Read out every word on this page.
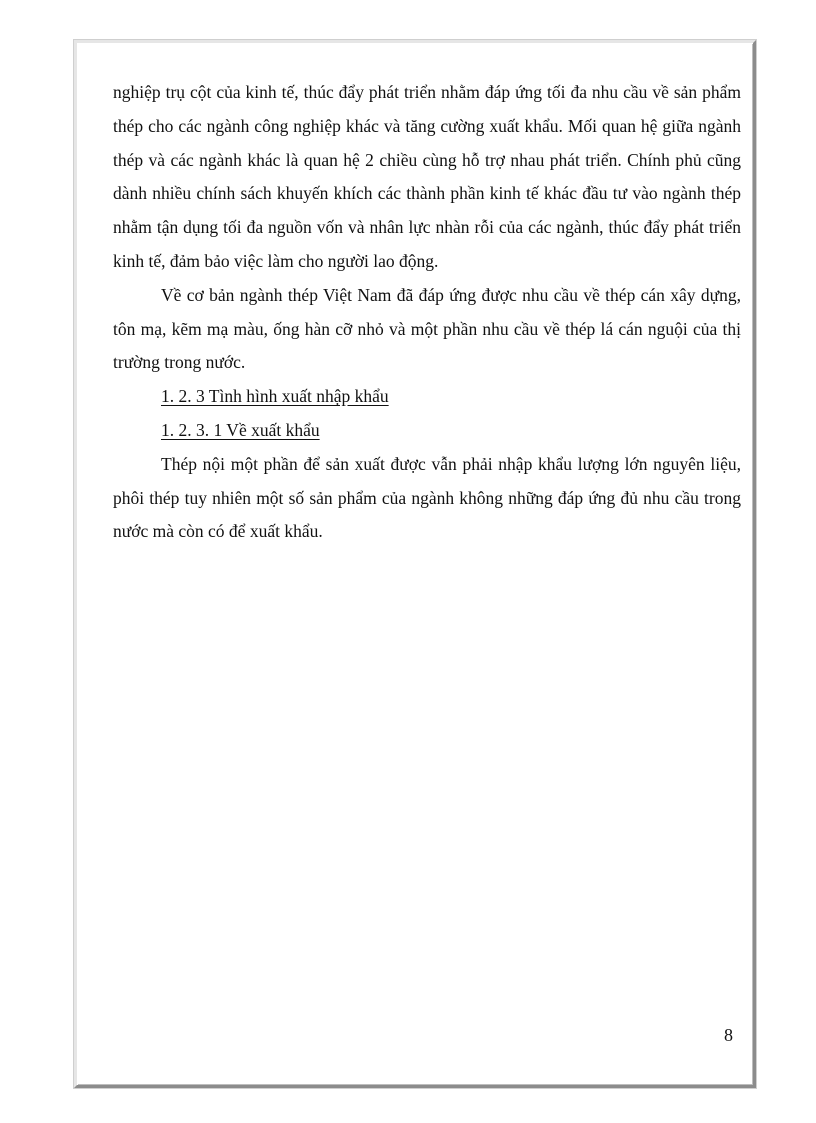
nghiệp trụ cột của kinh tế, thúc đẩy phát triển nhằm đáp ứng tối đa nhu cầu về sản phẩm thép cho các ngành công nghiệp khác và tăng cường xuất khẩu. Mối quan hệ giữa ngành thép và các ngành khác là quan hệ 2 chiều cùng hỗ trợ nhau phát triển. Chính phủ cũng dành nhiều chính sách khuyến khích các thành phần kinh tế khác đầu tư vào ngành thép nhằm tận dụng tối đa nguồn vốn và nhân lực nhàn rỗi của các ngành, thúc đẩy phát triển kinh tế, đảm bảo việc làm cho người lao động.

Về cơ bản ngành thép Việt Nam đã đáp ứng được nhu cầu về thép cán xây dựng, tôn mạ, kẽm mạ màu, ống hàn cỡ nhỏ và một phần nhu cầu về thép lá cán nguội của thị trường trong nước.

1. 2. 3 Tình hình xuất nhập khẩu

1. 2. 3. 1 Về xuất khẩu

Thép nội một phần để sản xuất được vẫn phải nhập khẩu lượng lớn nguyên liệu, phôi thép tuy nhiên một số sản phẩm của ngành không những đáp ứng đủ nhu cầu trong nước mà còn có để xuất khẩu.

8
